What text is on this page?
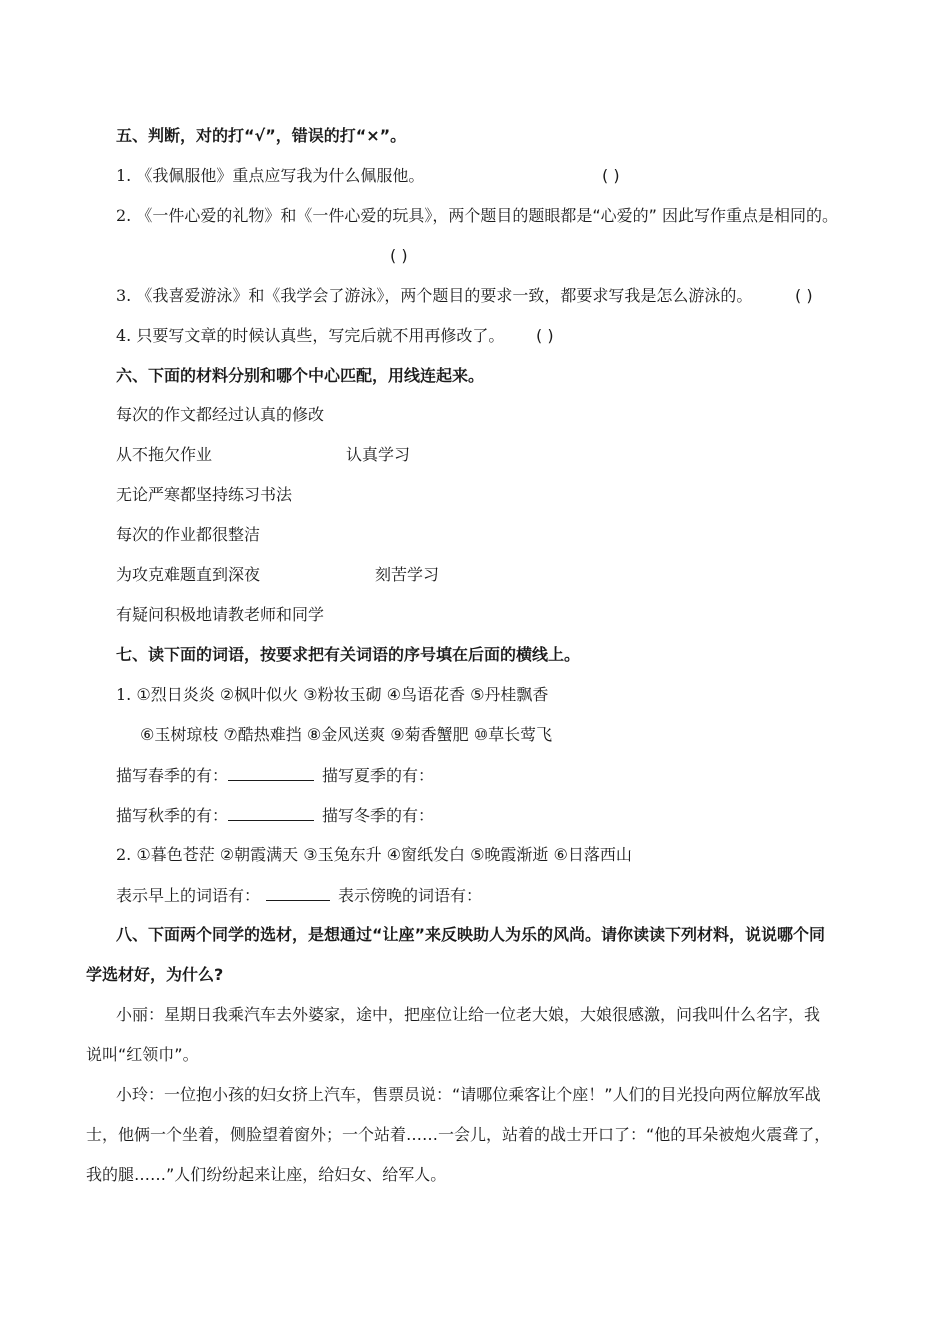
五、判断，对的打“√”，错误的打“×”。
1. 《我佩服他》重点应写我为什么佩服他。	( )
2. 《一件心爱的礼物》和《一件心爱的玩具》，两个题目的题眼都是“心爱的” 因此写作重点是相同的。
( )
3. 《我喜爱游泳》和《我学会了游泳》，两个题目的要求一致，都要求写我是怎么游泳的。	( )
4. 只要写文章的时候认真些，写完后就不用再修改了。 ( )
六、下面的材料分别和哪个中心匹配，用线连起来。
每次的作文都经过认真的修改
从不拖欠作业	认真学习
无论严寒都坚持练习书法
每次的作业都很整洁
为攻克难题直到深夜	刻苦学习
有疑问积极地请教老师和同学
七、读下面的词语，按要求把有关词语的序号填在后面的横线上。
1. ①烈日炎炎 ②枫叶似火 ③粉妆玉砌 ④鸟语花香 ⑤丹桂飘香
⑥玉树琼枝 ⑦酷热难挡 ⑧金风送爽 ⑨菊香蟹肥 ⑩草长莺飞
描写春季的有：	描写夏季的有：
描写秋季的有：	描写冬季的有：
2. ①暮色苍茫 ②朝霞满天 ③玉兔东升 ④窗纸发白 ⑤晚霞渐逝 ⑥日落西山
表示早上的词语有：	表示傍晚的词语有：
八、下面两个同学的选材，是想通过“让座”来反映助人为乐的风尚。请你读读下列材料，说说哪个同
学选材好，为什么?
小丽：星期日我乘汽车去外婆家，途中，把座位让给一位老大娘，大娘很感激，问我叫什么名字，我
说叫“红领巾”。
小玲：一位抱小孩的妇女挤上汽车，售票员说：“请哪位乘客让个座！”人们的目光投向两位解放军战
士，他俩一个坐着，侧脸望着窗外；一个站着……一会儿，站着的战士开口了：“他的耳朵被炮火震聋了，
我的腿……”人们纷纷起来让座，给妇女、给军人。
